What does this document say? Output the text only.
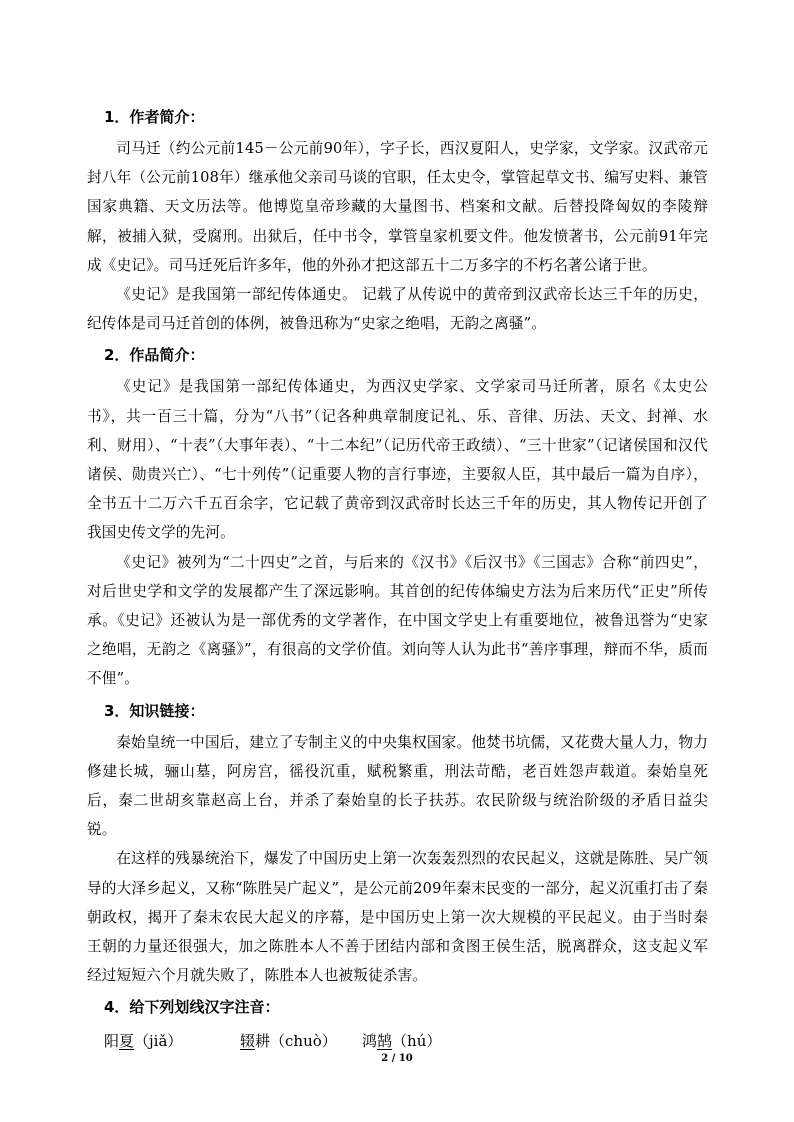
1．作者简介：

司马迁（约公元前145－公元前90年），字子长，西汉夏阳人，史学家，文学家。汉武帝元封八年（公元前108年）继承他父亲司马谈的官职，任太史令，掌管起草文书、编写史料、兼管国家典籍、天文历法等。他博览皇帝珍藏的大量图书、档案和文献。后替投降匈奴的李陵辩解，被捕入狱，受腐刑。出狱后，任中书令，掌管皇家机要文件。他发愤著书，公元前91年完成《史记》。司马迁死后许多年，他的外孙才把这部五十二万多字的不朽名著公诸于世。

《史记》是我国第一部纪传体通史。 记载了从传说中的黄帝到汉武帝长达三千年的历史，纪传体是司马迁首创的体例，被鲁迅称为“史家之绝唱，无韵之离骚”。

2．作品简介：

《史记》是我国第一部纪传体通史，为西汉史学家、文学家司马迁所著，原名《太史公书》，共一百三十篇，分为“八书”（记各种典章制度记礼、乐、音律、历法、天文、封禅、水利、财用）、“十表”（大事年表）、“十二本纪”（记历代帝王政绩）、“三十世家”（记诸侯国和汉代诸侯、勋贵兴亡）、“七十列传”（记重要人物的言行事迹，主要叙人臣，其中最后一篇为自序），全书五十二万六千五百余字，它记载了黄帝到汉武帝时长达三千年的历史，其人物传记开创了我国史传文学的先河。

《史记》被列为“二十四史”之首，与后来的《汉书》《后汉书》《三国志》合称“前四史”，对后世史学和文学的发展都产生了深远影响。其首创的纪传体编史方法为后来历代“正史”所传承。《史记》还被认为是一部优秀的文学著作，在中国文学史上有重要地位，被鲁迅誉为“史家之绝唱，无韵之《离骚》”，有很高的文学价值。刘向等人认为此书“善序事理，辩而不华，质而不俚”。

3．知识链接：

秦始皇统一中国后，建立了专制主义的中央集权国家。他焚书坑儒，又花费大量人力，物力修建长城，骊山墓，阿房宫，徭役沉重，赋税繁重，刑法苛酷，老百姓怨声载道。秦始皇死后，秦二世胡亥靠赵高上台，并杀了秦始皇的长子扶苏。农民阶级与统治阶级的矛盾日益尖锐。

在这样的残暴统治下，爆发了中国历史上第一次轰轰烈烈的农民起义，这就是陈胜、吴广领导的大泽乡起义，又称“陈胜吴广起义”，是公元前209年秦末民变的一部分，起义沉重打击了秦朝政权，揭开了秦末农民大起义的序幕，是中国历史上第一次大规模的平民起义。由于当时秦王朝的力量还很强大，加之陈胜本人不善于团结内部和贪图王侯生活，脱离群众，这支起义军经过短短六个月就失败了，陈胜本人也被叛徒杀害。

4．给下列划线汉字注音：
阳夏（jiǎ）	辍耕（chuò） 鸿鹄（hú）
2 / 10
